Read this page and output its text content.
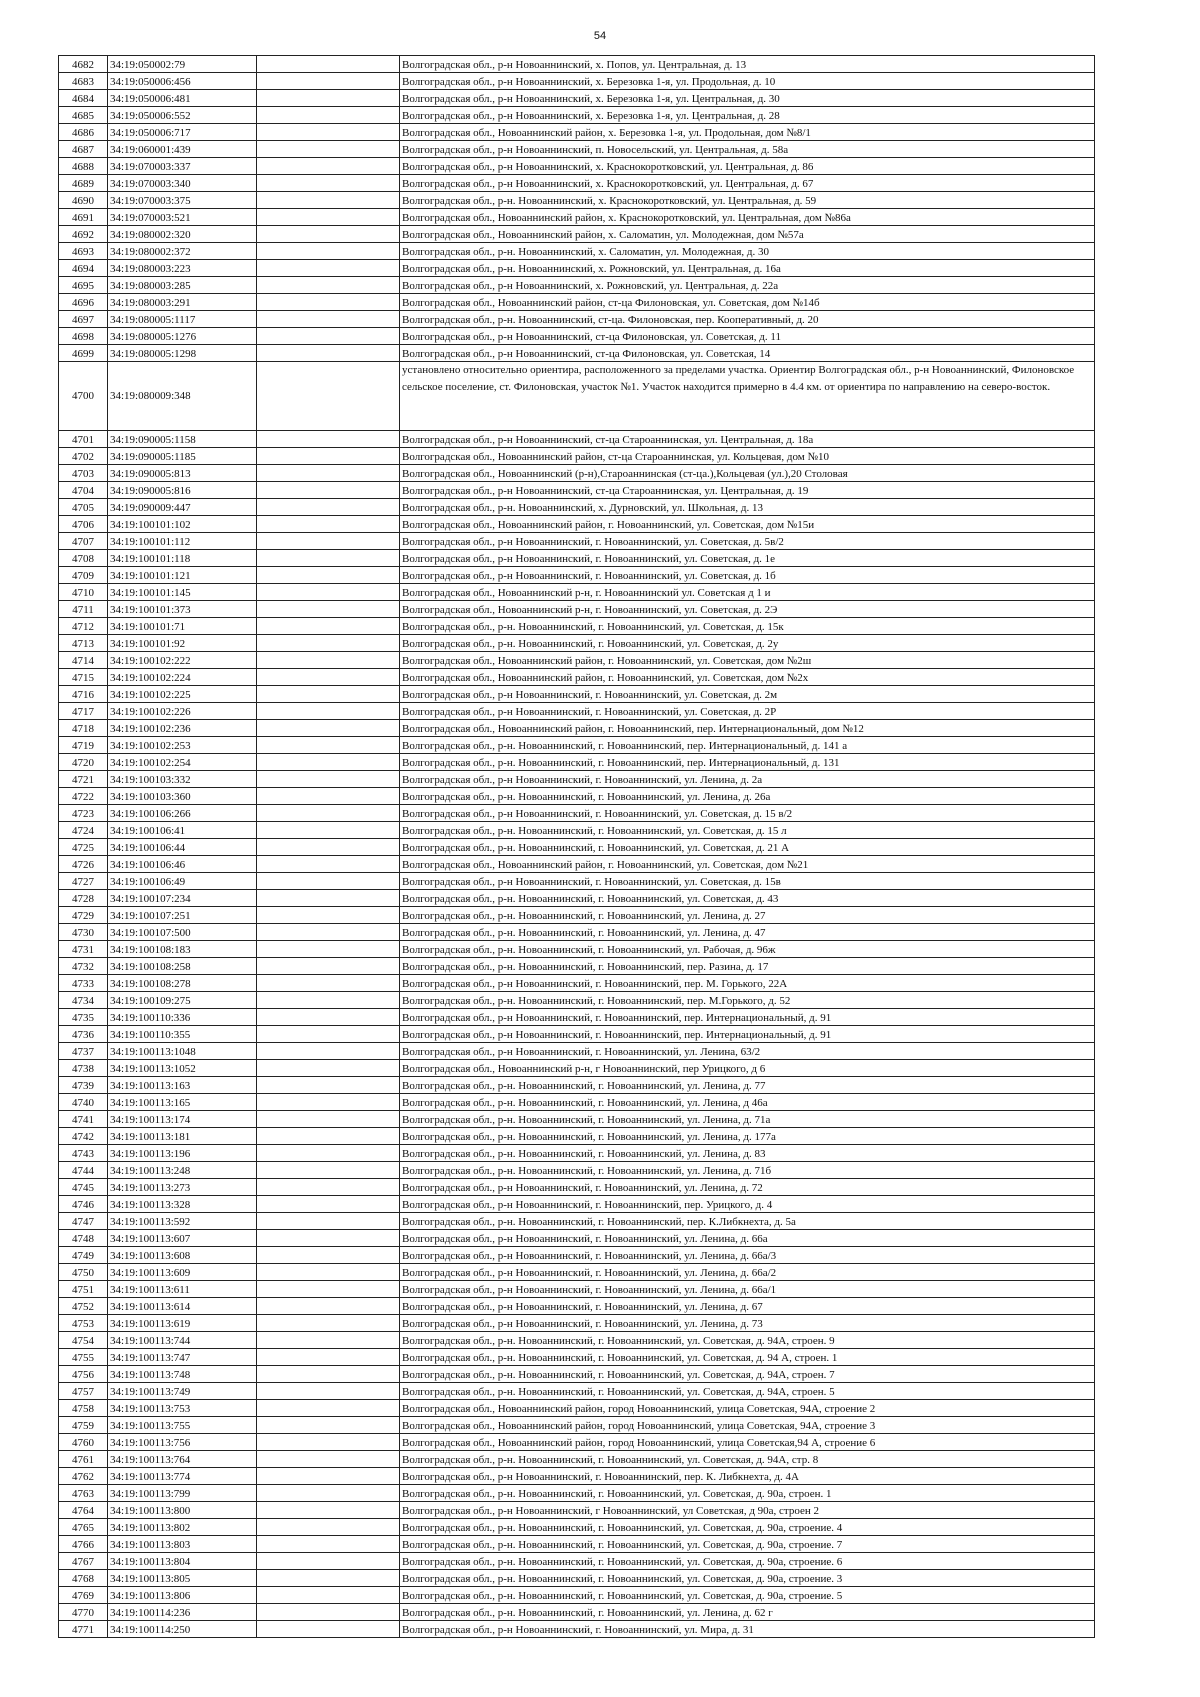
54
4682	34:19:050002:79		Волгоградская обл., р-н Новоаннинский, х. Попов, ул. Центральная, д. 13
4683	34:19:050006:456		Волгоградская обл., р-н Новоаннинский, х. Березовка 1-я, ул. Продольная, д. 10
4684	34:19:050006:481		Волгоградская обл., р-н Новоаннинский, х. Березовка 1-я, ул. Центральная, д. 30
4685	34:19:050006:552		Волгоградская обл., р-н Новоаннинский, х. Березовка 1-я, ул. Центральная, д. 28
4686	34:19:050006:717		Волгоградская обл., Новоаннинский район, х. Березовка 1-я, ул. Продольная, дом №8/1
4687	34:19:060001:439		Волгоградская обл., р-н Новоаннинский, п. Новосельский, ул. Центральная, д. 58а
4688	34:19:070003:337		Волгоградская обл., р-н Новоаннинский, х. Краснокоротковский, ул. Центральная, д. 86
4689	34:19:070003:340		Волгоградская обл., р-н Новоаннинский, х. Краснокоротковский, ул. Центральная, д. 67
4690	34:19:070003:375		Волгоградская обл., р-н. Новоаннинский, х. Краснокоротковский, ул. Центральная, д. 59
4691	34:19:070003:521		Волгоградская обл., Новоаннинский район, х. Краснокоротковский, ул. Центральная, дом №86а
4692	34:19:080002:320		Волгоградская обл., Новоаннинский район, х. Саломатин, ул. Молодежная, дом №57а
4693	34:19:080002:372		Волгоградская обл., р-н. Новоаннинский, х. Саломатин, ул. Молодежная, д. 30
4694	34:19:080003:223		Волгоградская обл., р-н. Новоаннинский, х. Рожновский, ул. Центральная, д. 16а
4695	34:19:080003:285		Волгоградская обл., р-н Новоаннинский, х. Рожновский, ул. Центральная, д. 22а
4696	34:19:080003:291		Волгоградская обл., Новоаннинский район, ст-ца Филоновская, ул. Советская, дом №14б
4697	34:19:080005:1117		Волгоградская обл., р-н. Новоаннинский, ст-ца. Филоновская, пер. Кооперативный, д. 20
4698	34:19:080005:1276		Волгоградская обл., р-н Новоаннинский, ст-ца Филоновская, ул. Советская, д. 11
4699	34:19:080005:1298		Волгоградская обл., р-н Новоаннинский, ст-ца Филоновская, ул. Советская, 14
4700	34:19:080009:348		установлено относительно ориентира, расположенного за пределами участка. Ориентир Волгоградская обл., р-н Новоаннинский, Филоновское сельское поселение, ст. Филоновская, участок №1. Участок находится примерно в 4.4 км. от ориентира по направлению на северо-восток.
4701	34:19:090005:1158		Волгоградская обл., р-н Новоаннинский, ст-ца Староаннинская, ул. Центральная, д. 18а
4702	34:19:090005:1185		Волгоградская обл., Новоаннинский район, ст-ца Староаннинская, ул. Кольцевая, дом №10
4703	34:19:090005:813		Волгоградская обл., Новоаннинский (р-н),Староаннинская (ст-ца.),Кольцевая (ул.),20 Столовая
4704	34:19:090005:816		Волгоградская обл., р-н Новоаннинский, ст-ца Староаннинская, ул. Центральная, д. 19
4705	34:19:090009:447		Волгоградская обл., р-н. Новоаннинский, х. Дурновский, ул. Школьная, д. 13
4706	34:19:100101:102		Волгоградская обл., Новоаннинский район, г. Новоаннинский, ул. Советская, дом №15и
4707	34:19:100101:112		Волгоградская обл., р-н Новоаннинский, г. Новоаннинский, ул. Советская, д. 5в/2
4708	34:19:100101:118		Волгоградская обл., р-н Новоаннинский, г. Новоаннинский, ул. Советская, д. 1е
4709	34:19:100101:121		Волгоградская обл., р-н Новоаннинский, г. Новоаннинский, ул. Советская, д. 1б
4710	34:19:100101:145		Волгоградская обл., Новоаннинский р-н, г. Новоаннинский ул. Советская д 1 и
4711	34:19:100101:373		Волгоградская обл., Новоаннинский р-н, г. Новоаннинский, ул. Советская, д. 2Э
4712	34:19:100101:71		Волгоградская обл., р-н. Новоаннинский, г. Новоаннинский, ул. Советская, д. 15к
4713	34:19:100101:92		Волгоградская обл., р-н. Новоаннинский, г. Новоаннинский, ул. Советская, д. 2у
4714	34:19:100102:222		Волгоградская обл., Новоаннинский район, г. Новоаннинский, ул. Советская, дом №2ш
4715	34:19:100102:224		Волгоградская обл., Новоаннинский район, г. Новоаннинский, ул. Советская, дом №2х
4716	34:19:100102:225		Волгоградская обл., р-н Новоаннинский, г. Новоаннинский, ул. Советская, д. 2м
4717	34:19:100102:226		Волгоградская обл., р-н Новоаннинский, г. Новоаннинский, ул. Советская, д. 2Р
4718	34:19:100102:236		Волгоградская обл., Новоаннинский район, г. Новоаннинский, пер. Интернациональный, дом №12
4719	34:19:100102:253		Волгоградская обл., р-н. Новоаннинский, г. Новоаннинский, пер. Интернациональный, д. 141 а
4720	34:19:100102:254		Волгоградская обл., р-н. Новоаннинский, г. Новоаннинский, пер. Интернациональный, д. 131
4721	34:19:100103:332		Волгоградская обл., р-н Новоаннинский, г. Новоаннинский, ул. Ленина, д. 2а
4722	34:19:100103:360		Волгоградская обл., р-н. Новоаннинский, г. Новоаннинский, ул. Ленина, д. 26а
4723	34:19:100106:266		Волгоградская обл., р-н Новоаннинский, г. Новоаннинский, ул. Советская, д. 15 в/2
4724	34:19:100106:41		Волгоградская обл., р-н. Новоаннинский, г. Новоаннинский, ул. Советская, д. 15 л
4725	34:19:100106:44		Волгоградская обл., р-н. Новоаннинский, г. Новоаннинский, ул. Советская, д. 21 А
4726	34:19:100106:46		Волгоградская обл., Новоаннинский район, г. Новоаннинский, ул. Советская, дом №21
4727	34:19:100106:49		Волгоградская обл., р-н Новоаннинский, г. Новоаннинский, ул. Советская, д. 15в
4728	34:19:100107:234		Волгоградская обл., р-н. Новоаннинский, г. Новоаннинский, ул. Советская, д. 43
4729	34:19:100107:251		Волгоградская обл., р-н. Новоаннинский, г. Новоаннинский, ул. Ленина, д. 27
4730	34:19:100107:500		Волгоградская обл., р-н. Новоаннинский, г. Новоаннинский, ул. Ленина, д. 47
4731	34:19:100108:183		Волгоградская обл., р-н. Новоаннинский, г. Новоаннинский, ул. Рабочая, д. 96ж
4732	34:19:100108:258		Волгоградская обл., р-н. Новоаннинский, г. Новоаннинский, пер. Разина, д. 17
4733	34:19:100108:278		Волгоградская обл., р-н Новоаннинский, г. Новоаннинский, пер. М. Горького, 22А
4734	34:19:100109:275		Волгоградская обл., р-н. Новоаннинский, г. Новоаннинский, пер. М.Горького, д. 52
4735	34:19:100110:336		Волгоградская обл., р-н Новоаннинский, г. Новоаннинский, пер. Интернациональный, д. 91
4736	34:19:100110:355		Волгоградская обл., р-н Новоаннинский, г. Новоаннинский, пер. Интернациональный, д. 91
4737	34:19:100113:1048		Волгоградская обл., р-н Новоаннинский, г. Новоаннинский, ул. Ленина, 63/2
4738	34:19:100113:1052		Волгоградская обл., Новоаннинский р-н, г Новоаннинский, пер Урицкого, д 6
4739	34:19:100113:163		Волгоградская обл., р-н. Новоаннинский, г. Новоаннинский, ул. Ленина, д. 77
4740	34:19:100113:165		Волгоградская обл., р-н. Новоаннинский, г. Новоаннинский, ул. Ленина, д 46а
4741	34:19:100113:174		Волгоградская обл., р-н. Новоаннинский, г. Новоаннинский, ул. Ленина, д. 71а
4742	34:19:100113:181		Волгоградская обл., р-н. Новоаннинский, г. Новоаннинский, ул. Ленина, д. 177а
4743	34:19:100113:196		Волгоградская обл., р-н. Новоаннинский, г. Новоаннинский, ул. Ленина, д. 83
4744	34:19:100113:248		Волгоградская обл., р-н. Новоаннинский, г. Новоаннинский, ул. Ленина, д. 71б
4745	34:19:100113:273		Волгоградская обл., р-н Новоаннинский, г. Новоаннинский, ул. Ленина, д. 72
4746	34:19:100113:328		Волгоградская обл., р-н Новоаннинский, г. Новоаннинский, пер. Урицкого, д. 4
4747	34:19:100113:592		Волгоградская обл., р-н. Новоаннинский, г. Новоаннинский, пер. К.Либкнехта, д. 5а
4748	34:19:100113:607		Волгоградская обл., р-н Новоаннинский, г. Новоаннинский, ул. Ленина, д. 66а
4749	34:19:100113:608		Волгоградская обл., р-н Новоаннинский, г. Новоаннинский, ул. Ленина, д. 66а/3
4750	34:19:100113:609		Волгоградская обл., р-н Новоаннинский, г. Новоаннинский, ул. Ленина, д. 66а/2
4751	34:19:100113:611		Волгоградская обл., р-н Новоаннинский, г. Новоаннинский, ул. Ленина, д. 66а/1
4752	34:19:100113:614		Волгоградская обл., р-н Новоаннинский, г. Новоаннинский, ул. Ленина, д. 67
4753	34:19:100113:619		Волгоградская обл., р-н Новоаннинский, г. Новоаннинский, ул. Ленина, д. 73
4754	34:19:100113:744		Волгоградская обл., р-н. Новоаннинский, г. Новоаннинский, ул. Советская, д. 94А, строен. 9
4755	34:19:100113:747		Волгоградская обл., р-н. Новоаннинский, г. Новоаннинский, ул. Советская, д. 94 А, строен. 1
4756	34:19:100113:748		Волгоградская обл., р-н. Новоаннинский, г. Новоаннинский, ул. Советская, д. 94А, строен. 7
4757	34:19:100113:749		Волгоградская обл., р-н. Новоаннинский, г. Новоаннинский, ул. Советская, д. 94А, строен. 5
4758	34:19:100113:753		Волгоградская обл., Новоаннинский район, город Новоаннинский, улица Советская, 94А, строение 2
4759	34:19:100113:755		Волгоградская обл., Новоаннинский район, город Новоаннинский, улица Советская, 94А, строение 3
4760	34:19:100113:756		Волгоградская обл., Новоаннинский район, город Новоаннинский, улица Советская,94 А, строение 6
4761	34:19:100113:764		Волгоградская обл., р-н. Новоаннинский, г. Новоаннинский, ул. Советская, д. 94А, стр. 8
4762	34:19:100113:774		Волгоградская обл., р-н Новоаннинский, г. Новоаннинский, пер. К. Либкнехта, д. 4А
4763	34:19:100113:799		Волгоградская обл., р-н. Новоаннинский, г. Новоаннинский, ул. Советская, д. 90а, строен. 1
4764	34:19:100113:800		Волгоградская обл., р-н Новоаннинский, г Новоаннинский, ул Советская, д 90а, строен 2
4765	34:19:100113:802		Волгоградская обл., р-н. Новоаннинский, г. Новоаннинский, ул. Советская, д. 90а, строение. 4
4766	34:19:100113:803		Волгоградская обл., р-н. Новоаннинский, г. Новоаннинский, ул. Советская, д. 90а, строение. 7
4767	34:19:100113:804		Волгоградская обл., р-н. Новоаннинский, г. Новоаннинский, ул. Советская, д. 90а, строение. 6
4768	34:19:100113:805		Волгоградская обл., р-н. Новоаннинский, г. Новоаннинский, ул. Советская, д. 90а, строение. 3
4769	34:19:100113:806		Волгоградская обл., р-н. Новоаннинский, г. Новоаннинский, ул. Советская, д. 90а, строение. 5
4770	34:19:100114:236		Волгоградская обл., р-н. Новоаннинский, г. Новоаннинский, ул. Ленина, д. 62 г
4771	34:19:100114:250		Волгоградская обл., р-н Новоаннинский, г. Новоаннинский, ул. Мира, д. 31
